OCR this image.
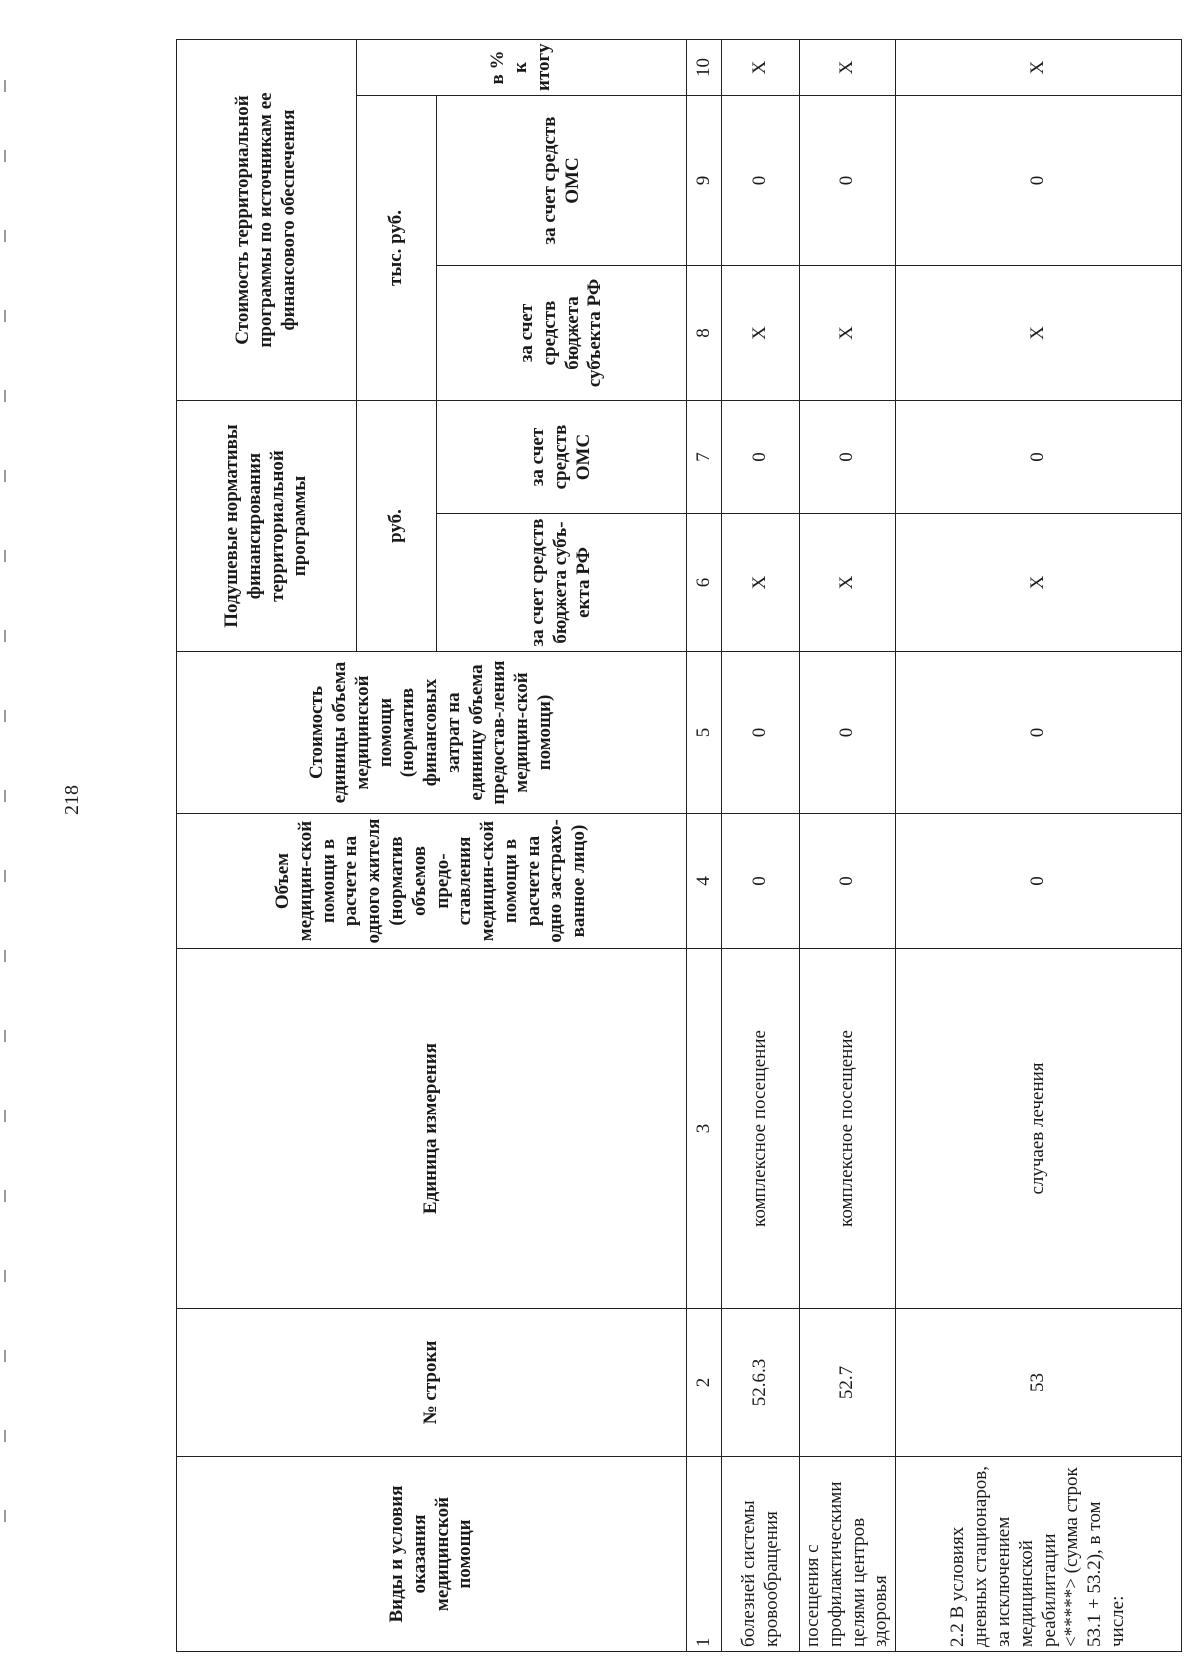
218
Виды и условия оказания медицинской помощи	№ строки	Единица измерения	Объем медицин-ской помощи в расчете на одного жителя (норматив объемов предо-ставления медицин-ской помощи в расчете на одно застрахо-ванное лицо)	Стоимость единицы объема медицинской помощи (норматив финансовых затрат на единицу объема предостав-ления медицин-ской помощи)	Подушевые нормативы финансирования территориальной программы		Стоимость территориальной программы по источникам ее финансового обеспечения		
					руб.		тыс. руб.		в % к итогу
					за счет средств бюджета субъ-екта РФ	за счет средств ОМС	за счет средств бюджета субъекта РФ	за счет средств ОМС	
1	2	3	4	5	6	7	8	9	10
болезней системы кровообращения	52.6.3	комплексное посещение	0	0	Х	0	Х	0	Х
посещения с профилактическими целями центров здоровья	52.7	комплексное посещение	0	0	Х	0	Х	0	Х
2.2 В условиях дневных стационаров, за исключением медицинской реабилитации <*****> (сумма строк 53.1 + 53.2), в том числе:	53	случаев лечения	0	0	Х	0	Х	0	Х
